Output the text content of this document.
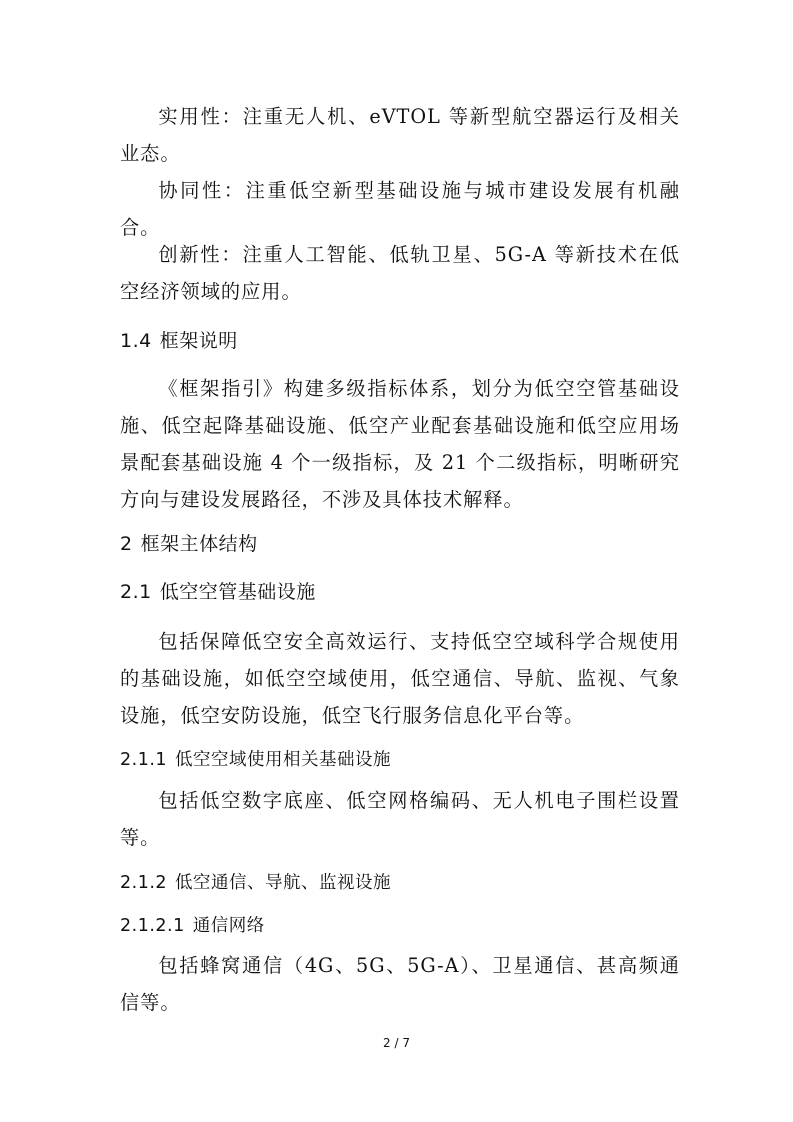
实用性：注重无人机、eVTOL 等新型航空器运行及相关业态。

协同性：注重低空新型基础设施与城市建设发展有机融合。

创新性：注重人工智能、低轨卫星、5G-A 等新技术在低空经济领域的应用。

1.4 框架说明

《框架指引》构建多级指标体系，划分为低空空管基础设施、低空起降基础设施、低空产业配套基础设施和低空应用场景配套基础设施 4 个一级指标，及 21 个二级指标，明晰研究方向与建设发展路径，不涉及具体技术解释。

2 框架主体结构
2.1 低空空管基础设施

包括保障低空安全高效运行、支持低空空域科学合规使用的基础设施，如低空空域使用，低空通信、导航、监视、气象设施，低空安防设施，低空飞行服务信息化平台等。

2.1.1 低空空域使用相关基础设施

包括低空数字底座、低空网格编码、无人机电子围栏设置等。

2.1.2 低空通信、导航、监视设施
2.1.2.1 通信网络

包括蜂窝通信（4G、5G、5G-A）、卫星通信、甚高频通信等。

2 / 7
